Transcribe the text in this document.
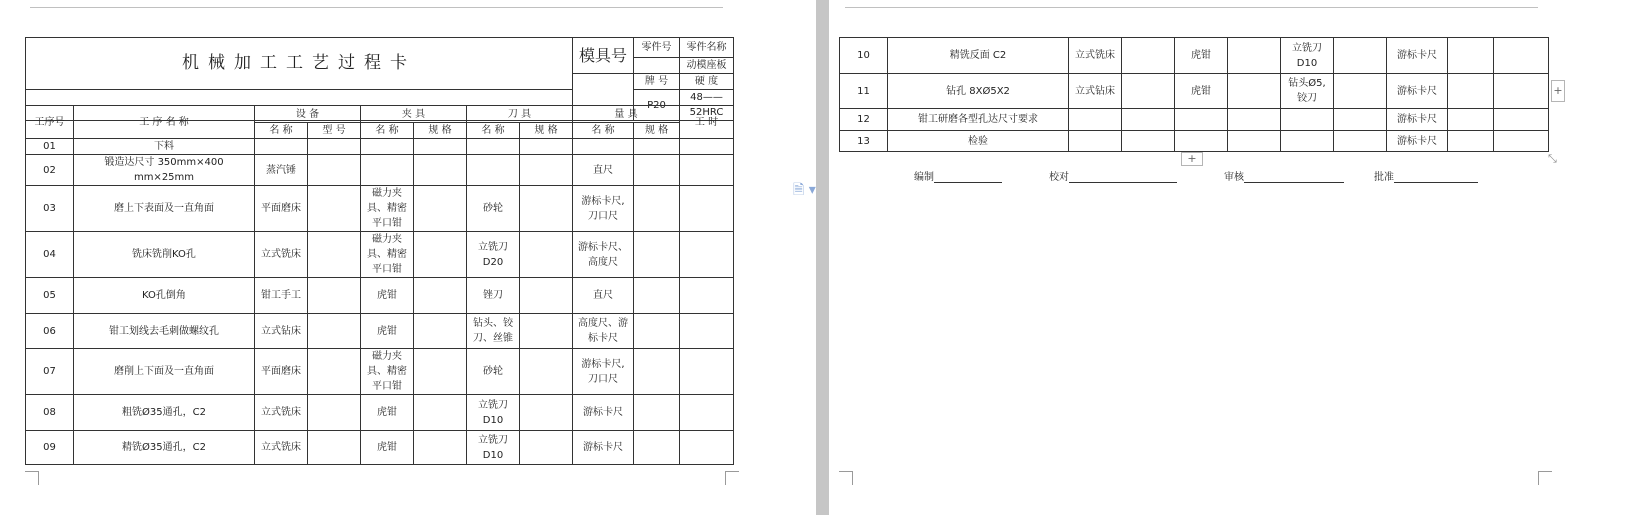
机械加工工艺过程卡	模具号	零件号	零件名称
			动模座板
		牌 号	硬 度
		P20	48——52HRC
工序号	工 序 名 称	设 备		夹 具		刀 具		量 具		工 时
		名 称	型 号	名 称	规 格	名 称	规 格	名 称	规 格	
01	下料									
02	锻造达尺寸 350mm×400 mm×25mm	蒸汽锤						直尺		
03	磨上下表面及一直角面	平面磨床		磁力夹具、精密平口钳		砂轮		游标卡尺, 刀口尺		
04	铣床铣削KO孔	立式铣床		磁力夹具、精密平口钳		立铣刀 D20		游标卡尺、高度尺		
05	KO孔倒角	钳工手工		虎钳		锉刀		直尺		
06	钳工划线去毛刺做螺纹孔	立式钻床		虎钳		钻头、铰刀、丝锥		高度尺、游标卡尺		
07	磨削上下面及一直角面	平面磨床		磁力夹具、精密平口钳		砂轮		游标卡尺, 刀口尺		
08	粗铣Ø35通孔，C2	立式铣床		虎钳		立铣刀 D10		游标卡尺		
09	精铣Ø35通孔，C2	立式铣床		虎钳		立铣刀 D10		游标卡尺		
10	精铣反面 C2	立式铣床		虎钳		立铣刀 D10		游标卡尺		
11	钻孔 8XØ5X2	立式钻床		虎钳		钻头Ø5, 铰刀		游标卡尺		
12	钳工研磨各型孔达尺寸要求							游标卡尺		
13	检验							游标卡尺		
+
+
⤡
编制	校对	审核	批准
🗎 ▾
